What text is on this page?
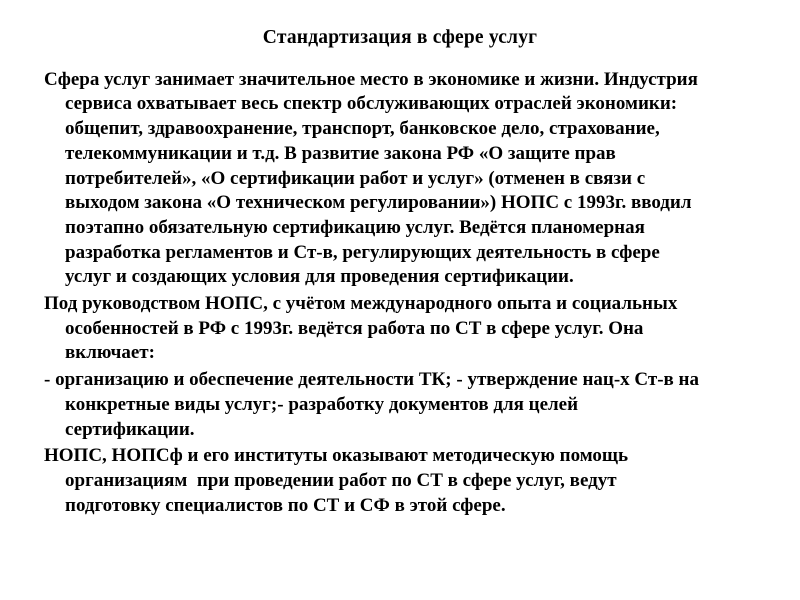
Стандартизация в сфере услуг
Сфера услуг занимает значительное место в экономике и жизни. Индустрия
сервиса охватывает весь спектр обслуживающих отраслей экономики:
общепит, здравоохранение, транспорт, банковское дело, страхование,
телекоммуникации и т.д. В развитие закона РФ «О защите прав
потребителей», «О сертификации работ и услуг» (отменен в связи с
выходом закона «О техническом регулировании») НОПС с 1993г. вводил
поэтапно обязательную сертификацию услуг. Ведётся планомерная
разработка регламентов и Ст-в, регулирующих деятельность в сфере
услуг и создающих условия для проведения сертификации.
Под руководством НОПС, с учётом международного опыта и социальных
особенностей в РФ с 1993г. ведётся работа по СТ в сфере услуг. Она
включает:
- организацию и обеспечение деятельности ТК; - утверждение нац-х Ст-в на
конкретные виды услуг;- разработку документов для целей
сертификации.
НОПС, НОПСф и его институты оказывают методическую помощь
организациям  при проведении работ по СТ в сфере услуг, ведут
подготовку специалистов по СТ и СФ в этой сфере.
